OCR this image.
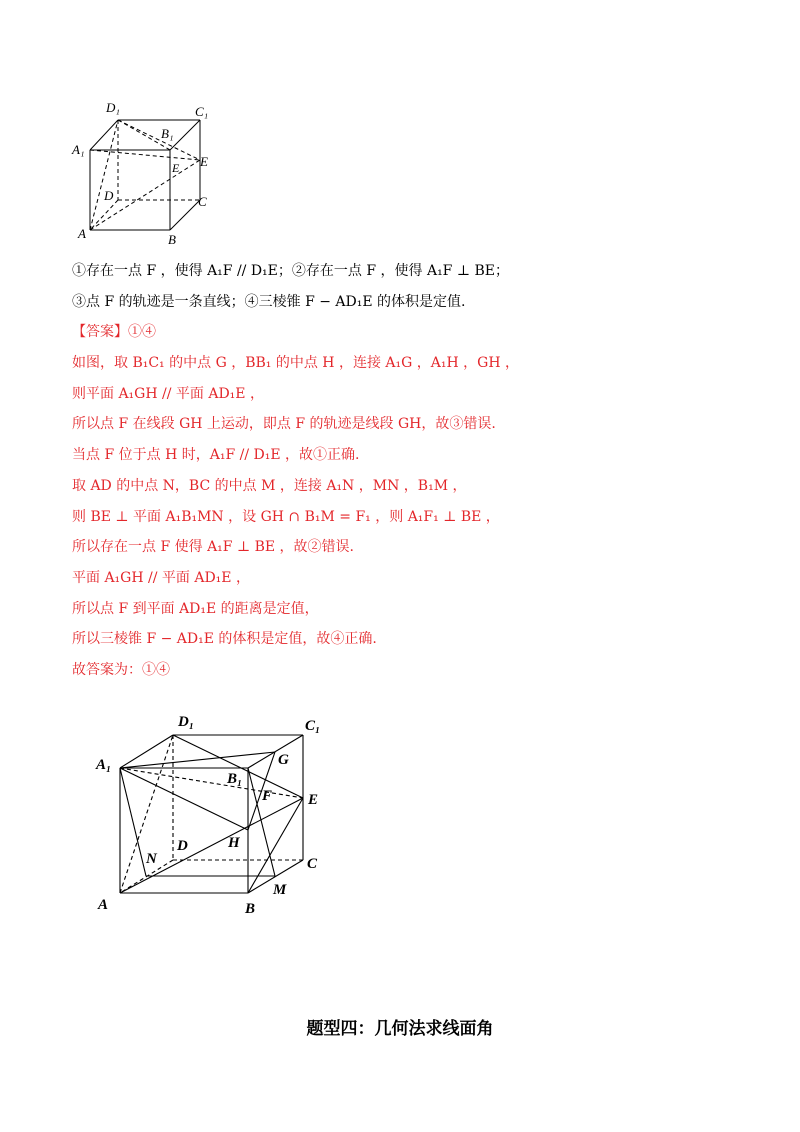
D₁	C₁
A₁
B₁
E
E
D	C
A	B
①存在一点 F ，使得 A₁F // D₁E；②存在一点 F ，使得 A₁F ⊥ BE；
③点 F 的轨迹是一条直线；④三棱锥 F − AD₁E 的体积是定值.
【答案】①④
如图，取 B₁C₁ 的中点 G ，BB₁ 的中点 H ，连接 A₁G ，A₁H ，GH ，
则平面 A₁GH // 平面 AD₁E ，
所以点 F 在线段 GH 上运动，即点 F 的轨迹是线段 GH，故③错误.
当点 F 位于点 H 时，A₁F // D₁E ，故①正确.
取 AD 的中点 N，BC 的中点 M ，连接 A₁N ，MN ，B₁M ，
则 BE ⊥ 平面 A₁B₁MN ，设 GH ∩ B₁M = F₁ ，则 A₁F₁ ⊥ BE ，
所以存在一点 F 使得 A₁F ⊥ BE ，故②错误.
平面 A₁GH // 平面 AD₁E ，
所以点 F 到平面 AD₁E 的距离是定值，
所以三棱锥 F − AD₁E 的体积是定值，故④正确.
故答案为：①④
D₁	C₁
A₁
B₁
G
F E
H
N
D
C
A	B
M
题型四：几何法求线面角
